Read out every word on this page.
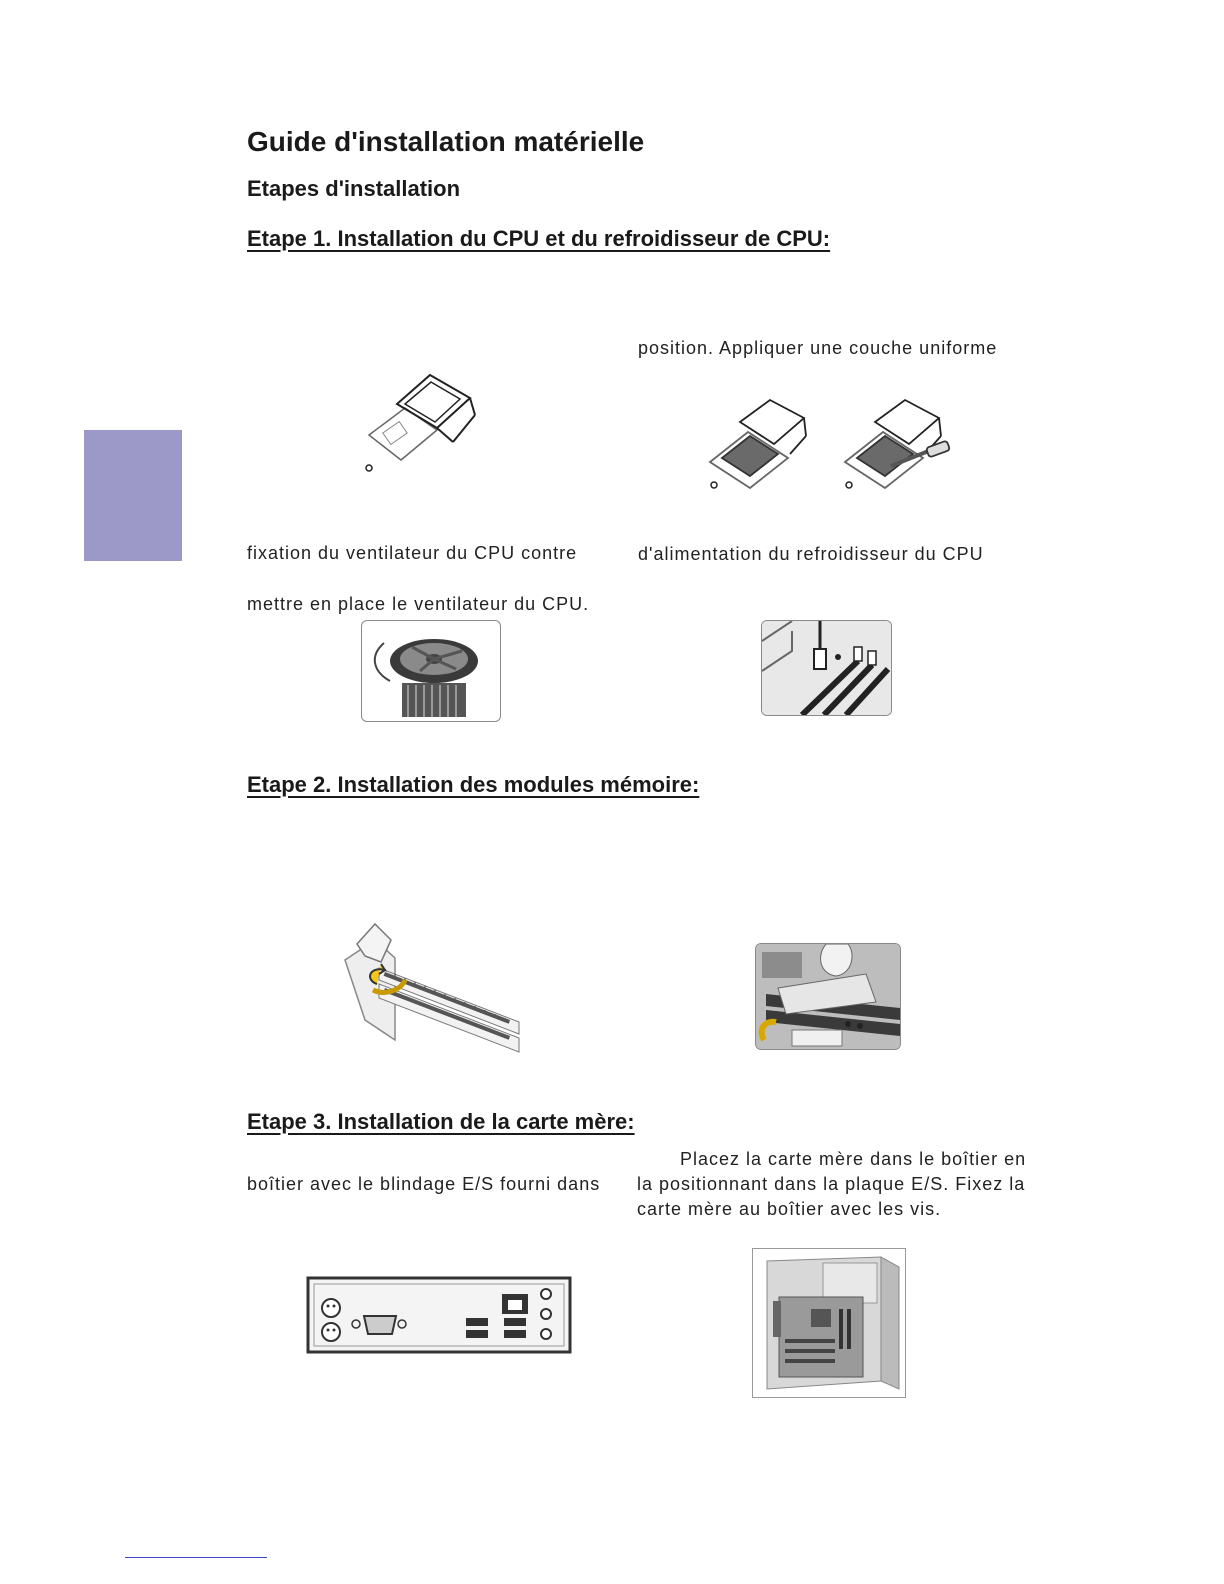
Guide d'installation matérielle
Etapes d'installation
Etape 1. Installation du CPU et du refroidisseur de CPU:
position. Appliquer une couche uniforme
fixation du ventilateur du CPU contre	d'alimentation du refroidisseur du CPU
mettre en place le ventilateur du CPU.
Etape 2. Installation des modules mémoire:
Etape 3. Installation de la carte mère:
Placez la carte mère dans le boîtier en
boîtier avec le blindage E/S fourni dans la positionnant dans la plaque E/S. Fixez la
carte mère au boîtier avec les vis.
